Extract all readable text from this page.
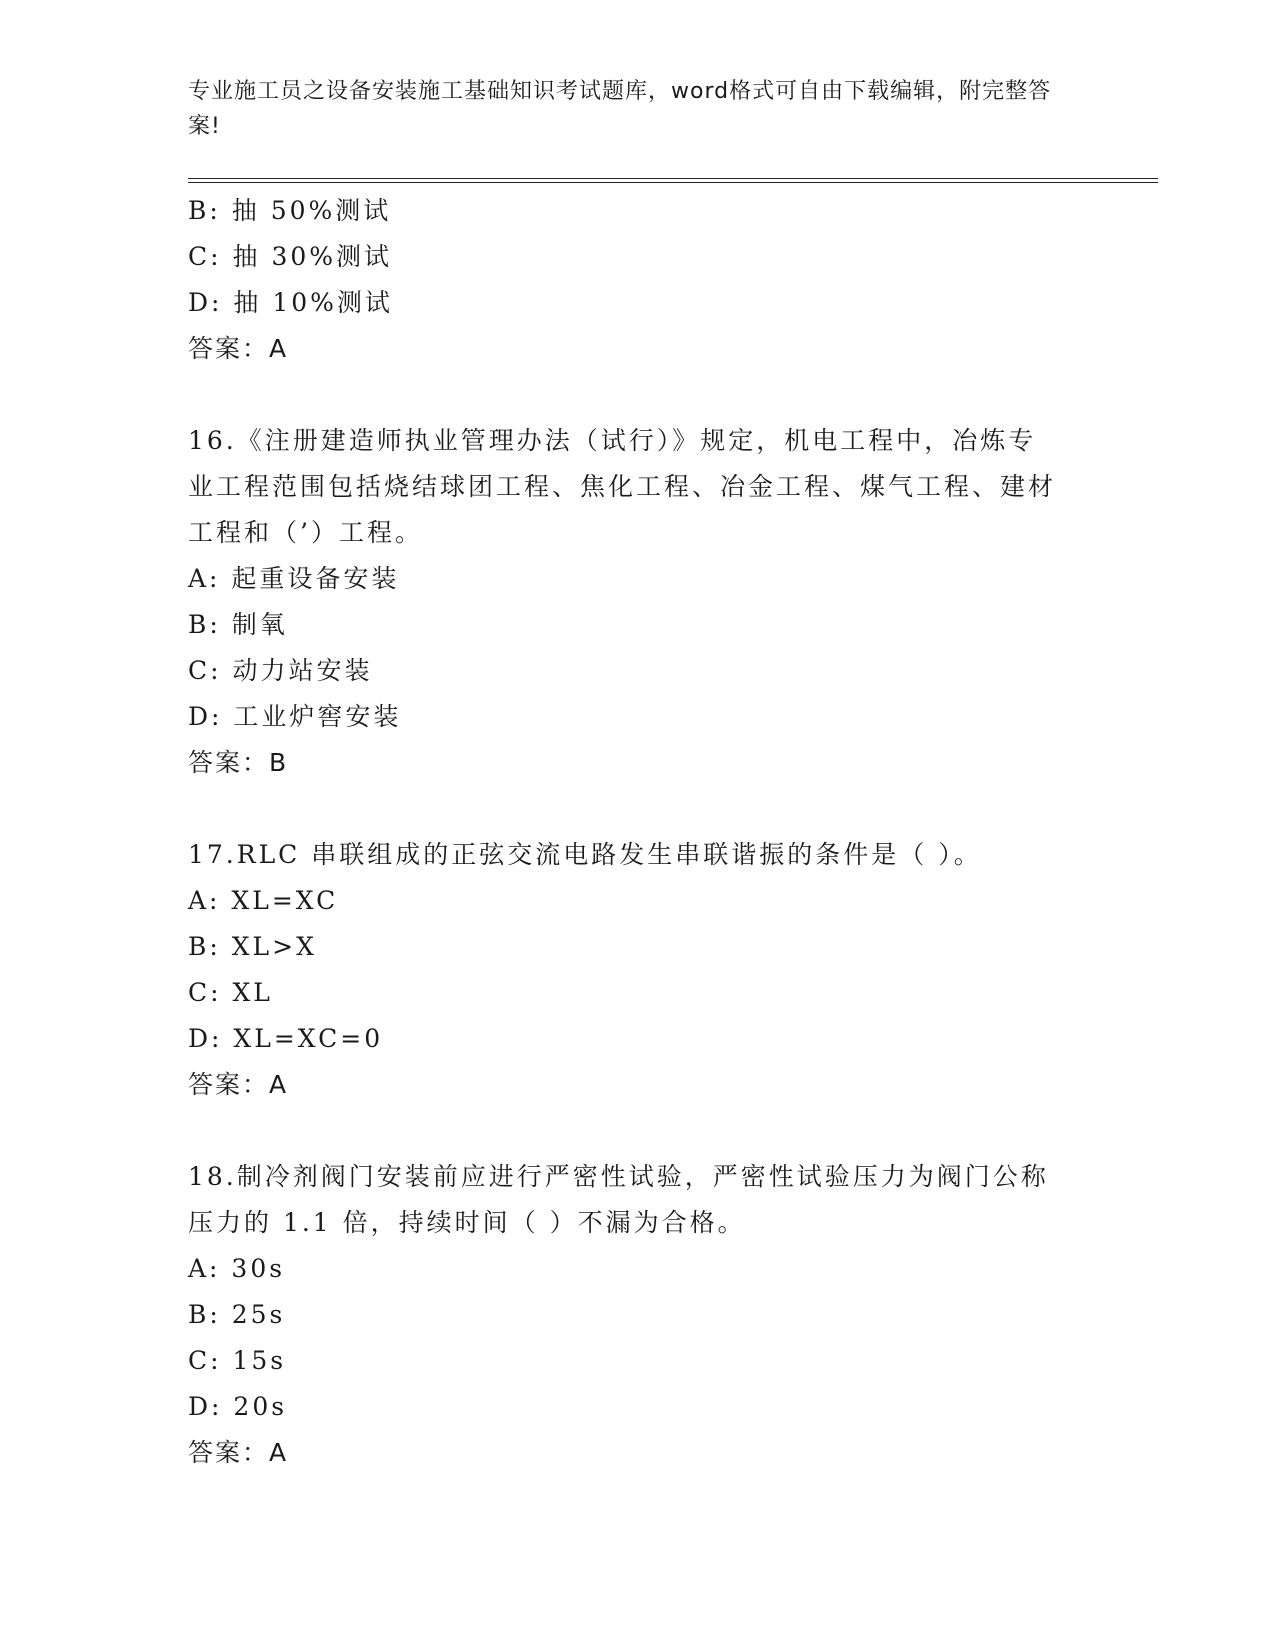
专业施工员之设备安装施工基础知识考试题库，word格式可自由下载编辑，附完整答案!
B: 抽 50%测试
C: 抽 30%测试
D: 抽 10%测试
答案：A
16.《注册建造师执业管理办法（试行）》规定，机电工程中，冶炼专业工程范围包括烧结球团工程、焦化工程、冶金工程、煤气工程、建材工程和（’）工程。
A: 起重设备安装
B: 制氧
C: 动力站安装
D: 工业炉窖安装
答案：B
17.RLC 串联组成的正弦交流电路发生串联谐振的条件是（ ）。
A: XL=XC
B: XL>X
C: XL
D: XL=XC=0
答案：A
18.制冷剂阀门安装前应进行严密性试验，严密性试验压力为阀门公称压力的 1.1 倍，持续时间（ ）不漏为合格。
A: 30s
B: 25s
C: 15s
D: 20s
答案：A
